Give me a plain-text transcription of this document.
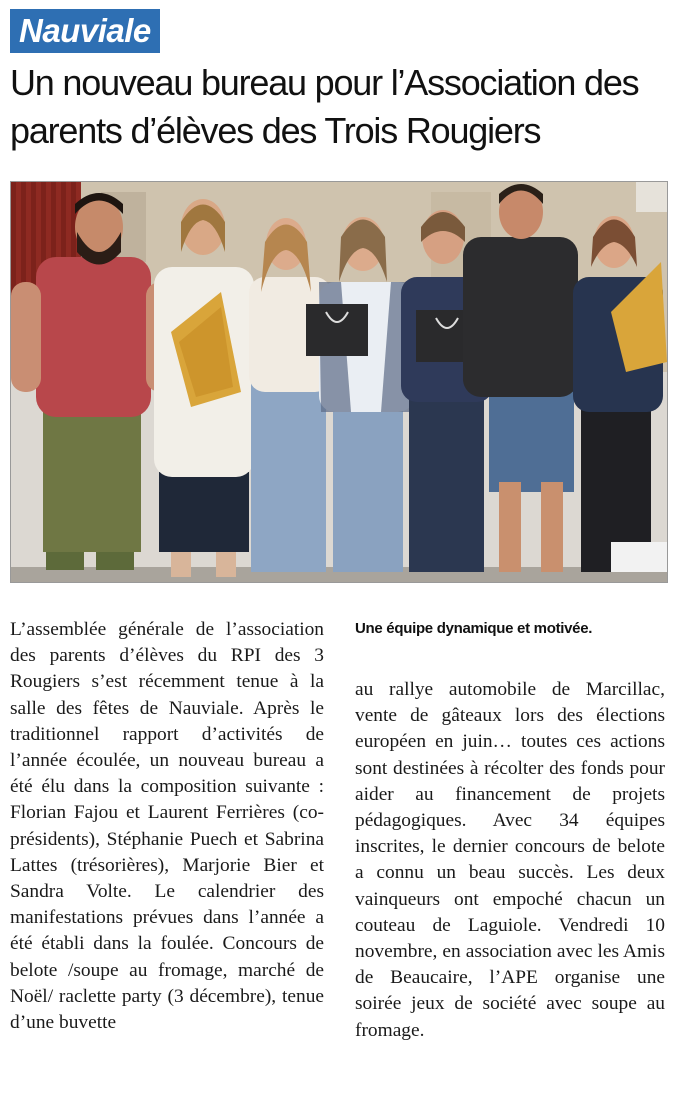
Nauviale
Un nouveau bureau pour l’Association des parents d’élèves des Trois Rougiers

L’assemblée générale de l’association des parents d’élèves du RPI des 3 Rougiers s’est récemment tenue à la salle des fêtes de Nauviale. Après le traditionnel rapport d’activités de l’année écoulée, un nouveau bureau a été élu dans la composition suivante : Florian Fajou et Laurent Ferrières (co-présidents), Stéphanie Puech et Sabrina Lattes (trésorières), Marjorie Bier et Sandra Volte. Le calendrier des manifestations prévues dans l’année a été établi dans la foulée. Concours de belote /soupe au fromage, marché de Noël/ raclette party (3 décembre), tenue d’une buvette

Une équipe dynamique et motivée.

au rallye automobile de Marcillac, vente de gâteaux lors des élections européen en juin… toutes ces actions sont destinées à récolter des fonds pour aider au financement de projets pédagogiques. Avec 34 équipes inscrites, le dernier concours de belote a connu un beau succès. Les deux vainqueurs ont empoché chacun un couteau de Laguiole. Vendredi 10 novembre, en association avec les Amis de Beaucaire, l’APE organise une soirée jeux de société avec soupe au fromage.
